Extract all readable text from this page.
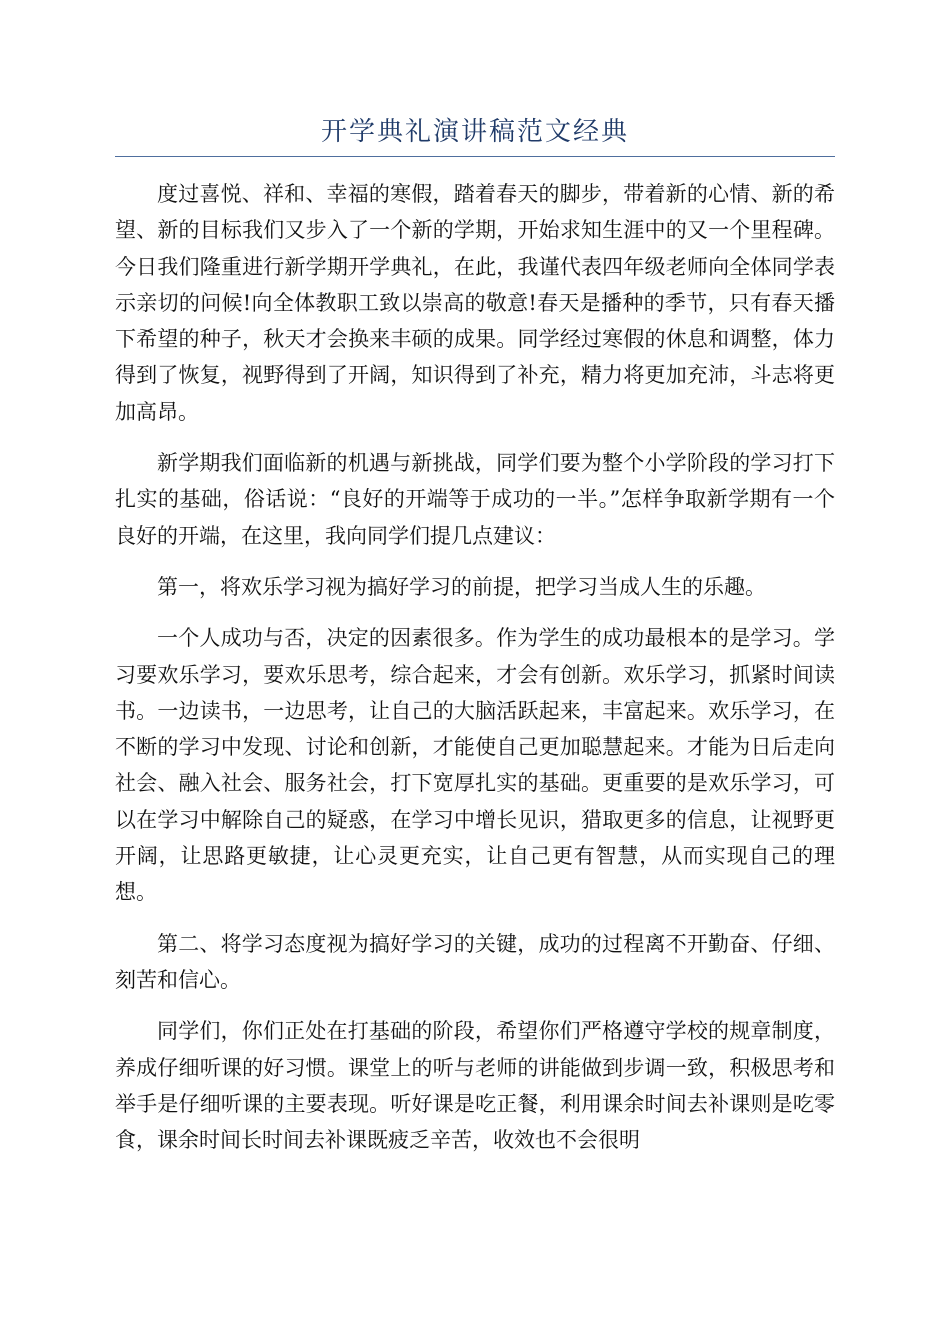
开学典礼演讲稿范文经典

度过喜悦、祥和、幸福的寒假，踏着春天的脚步，带着新的心情、新的希望、新的目标我们又步入了一个新的学期，开始求知生涯中的又一个里程碑。今日我们隆重进行新学期开学典礼，在此，我谨代表四年级老师向全体同学表示亲切的问候!向全体教职工致以崇高的敬意!春天是播种的季节，只有春天播下希望的种子，秋天才会换来丰硕的成果。同学经过寒假的休息和调整，体力得到了恢复，视野得到了开阔，知识得到了补充，精力将更加充沛，斗志将更加高昂。

新学期我们面临新的机遇与新挑战，同学们要为整个小学阶段的学习打下扎实的基础，俗话说：“良好的开端等于成功的一半。”怎样争取新学期有一个良好的开端，在这里，我向同学们提几点建议：

第一，将欢乐学习视为搞好学习的前提，把学习当成人生的乐趣。

一个人成功与否，决定的因素很多。作为学生的成功最根本的是学习。学习要欢乐学习，要欢乐思考，综合起来，才会有创新。欢乐学习，抓紧时间读书。一边读书，一边思考，让自己的大脑活跃起来，丰富起来。欢乐学习，在不断的学习中发现、讨论和创新，才能使自己更加聪慧起来。才能为日后走向社会、融入社会、服务社会，打下宽厚扎实的基础。更重要的是欢乐学习，可以在学习中解除自己的疑惑，在学习中增长见识，猎取更多的信息，让视野更开阔，让思路更敏捷，让心灵更充实，让自己更有智慧，从而实现自己的理想。

第二、将学习态度视为搞好学习的关键，成功的过程离不开勤奋、仔细、刻苦和信心。

同学们，你们正处在打基础的阶段，希望你们严格遵守学校的规章制度，养成仔细听课的好习惯。课堂上的听与老师的讲能做到步调一致，积极思考和举手是仔细听课的主要表现。听好课是吃正餐，利用课余时间去补课则是吃零食，课余时间长时间去补课既疲乏辛苦，收效也不会很明
